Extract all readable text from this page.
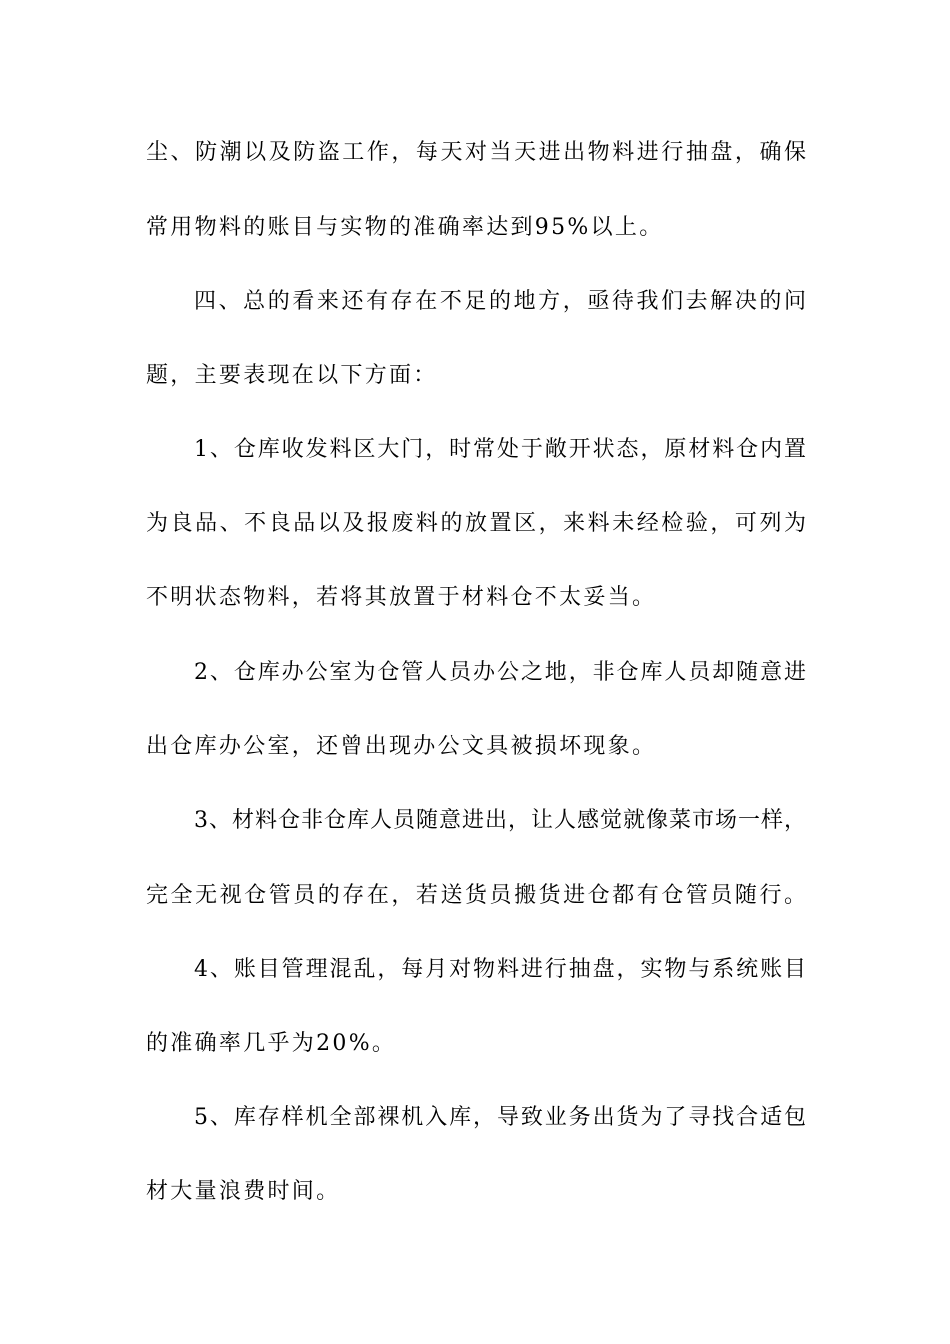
尘、防潮以及防盗工作，每天对当天进出物料进行抽盘，确保
常用物料的账目与实物的准确率达到95%以上。
四、总的看来还有存在不足的地方，亟待我们去解决的问
题，主要表现在以下方面：
1、仓库收发料区大门，时常处于敞开状态，原材料仓内置
为良品、不良品以及报废料的放置区，来料未经检验，可列为
不明状态物料，若将其放置于材料仓不太妥当。
2、仓库办公室为仓管人员办公之地，非仓库人员却随意进
出仓库办公室，还曾出现办公文具被损坏现象。
3、材料仓非仓库人员随意进出，让人感觉就像菜市场一样，
完全无视仓管员的存在，若送货员搬货进仓都有仓管员随行。
4、账目管理混乱，每月对物料进行抽盘，实物与系统账目
的准确率几乎为20%。
5、库存样机全部裸机入库，导致业务出货为了寻找合适包
材大量浪费时间。
